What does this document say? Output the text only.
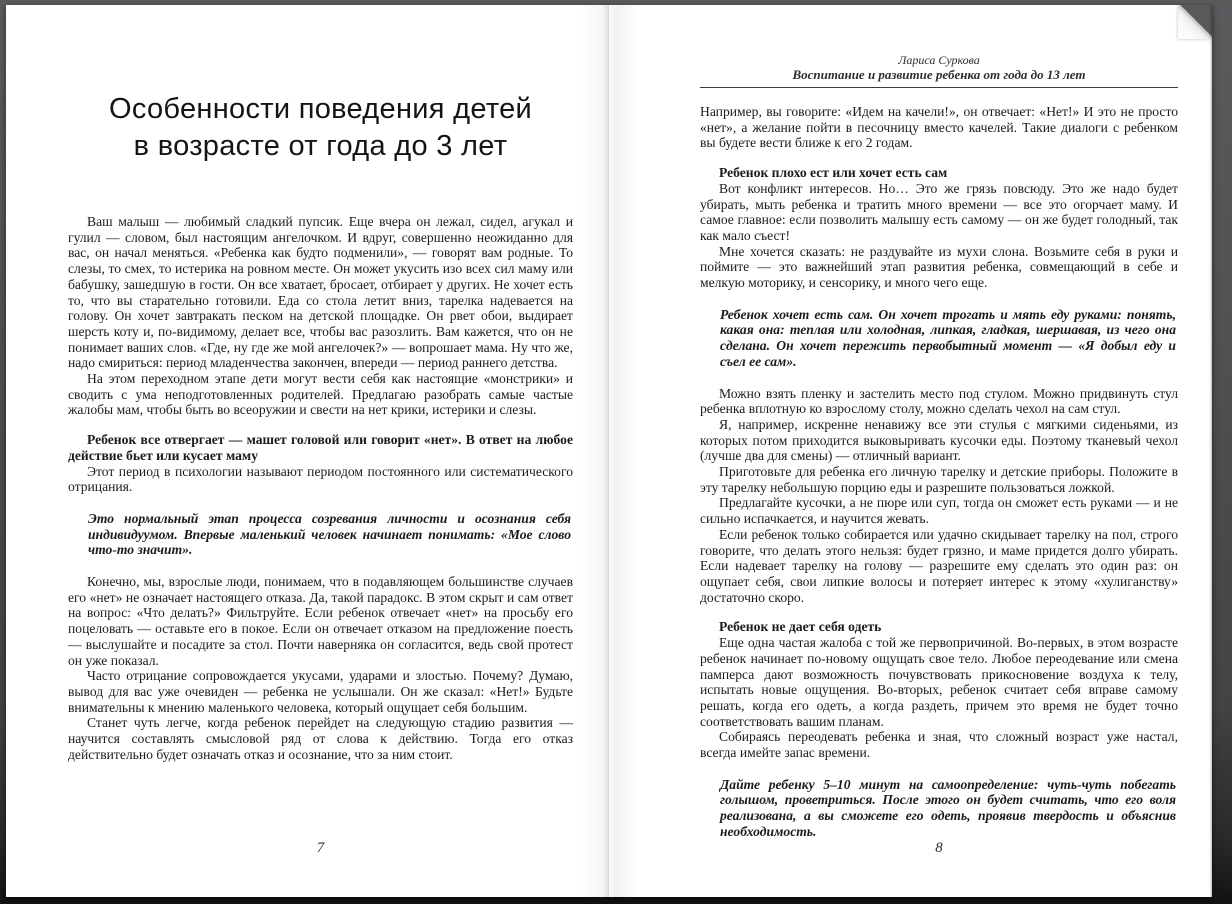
Особенности поведения детей
в возрасте от года до 3 лет

Ваш малыш — любимый сладкий пупсик. Еще вчера он лежал, сидел, агукал и гулил — словом, был настоящим ангелочком. И вдруг, совершенно неожиданно для вас, он начал меняться. «Ребенка как будто подменили», — говорят вам родные. То слезы, то смех, то истерика на ровном месте. Он может укусить изо всех сил маму или бабушку, зашедшую в гости. Он все хватает, бросает, отбирает у других. Не хочет есть то, что вы старательно готовили. Еда со стола летит вниз, тарелка надевается на голову. Он хочет завтракать песком на детской площадке. Он рвет обои, выдирает шерсть коту и, по-видимому, делает все, чтобы вас разозлить. Вам кажется, что он не понимает ваших слов. «Где, ну где же мой ангелочек?» — вопрошает мама. Ну что же, надо смириться: период младенчества закончен, впереди — период раннего детства.

На этом переходном этапе дети могут вести себя как настоящие «монстрики» и сводить с ума неподготовленных родителей. Предлагаю разобрать самые частые жалобы мам, чтобы быть во всеоружии и свести на нет крики, истерики и слезы.

Ребенок все отвергает — машет головой или говорит «нет». В ответ на любое действие бьет или кусает маму

Этот период в психологии называют периодом постоянного или систематического отрицания.

Это нормальный этап процесса созревания личности и осознания себя индивидуумом. Впервые маленький человек начинает понимать: «Мое слово что-то значит».

Конечно, мы, взрослые люди, понимаем, что в подавляющем большинстве случаев его «нет» не означает настоящего отказа. Да, такой парадокс. В этом скрыт и сам ответ на вопрос: «Что делать?» Фильтруйте. Если ребенок отвечает «нет» на просьбу его поцеловать — оставьте его в покое. Если он отвечает отказом на предложение поесть — выслушайте и посадите за стол. Почти наверняка он согласится, ведь свой протест он уже показал.

Часто отрицание сопровождается укусами, ударами и злостью. Почему? Думаю, вывод для вас уже очевиден — ребенка не услышали. Он же сказал: «Нет!» Будьте внимательны к мнению маленького человека, который ощущает себя большим.

Станет чуть легче, когда ребенок перейдет на следующую стадию развития — научится составлять смысловой ряд от слова к действию. Тогда его отказ действительно будет означать отказ и осознание, что за ним стоит.

7
Лариса Суркова
Воспитание и развитие ребенка от года до 13 лет

Например, вы говорите: «Идем на качели!», он отвечает: «Нет!» И это не просто «нет», а желание пойти в песочницу вместо качелей. Такие диалоги с ребенком вы будете вести ближе к его 2 годам.

Ребенок плохо ест или хочет есть сам

Вот конфликт интересов. Но… Это же грязь повсюду. Это же надо будет убирать, мыть ребенка и тратить много времени — все это огорчает маму. И самое главное: если позволить малышу есть самому — он же будет голодный, так как мало съест!

Мне хочется сказать: не раздувайте из мухи слона. Возьмите себя в руки и поймите — это важнейший этап развития ребенка, совмещающий в себе и мелкую моторику, и сенсорику, и много чего еще.

Ребенок хочет есть сам. Он хочет трогать и мять еду руками: понять, какая она: теплая или холодная, липкая, гладкая, шершавая, из чего она сделана. Он хочет пережить первобытный момент — «Я добыл еду и съел ее сам».

Можно взять пленку и застелить место под стулом. Можно придвинуть стул ребенка вплотную ко взрослому столу, можно сделать чехол на сам стул.

Я, например, искренне ненавижу все эти стулья с мягкими сиденьями, из которых потом приходится выковыривать кусочки еды. Поэтому тканевый чехол (лучше два для смены) — отличный вариант.

Приготовьте для ребенка его личную тарелку и детские приборы. Положите в эту тарелку небольшую порцию еды и разрешите пользоваться ложкой.

Предлагайте кусочки, а не пюре или суп, тогда он сможет есть руками — и не сильно испачкается, и научится жевать.

Если ребенок только собирается или удачно скидывает тарелку на пол, строго говорите, что делать этого нельзя: будет грязно, и маме придется долго убирать. Если надевает тарелку на голову — разрешите ему сделать это один раз: он ощупает себя, свои липкие волосы и потеряет интерес к этому «хулиганству» достаточно скоро.

Ребенок не дает себя одеть

Еще одна частая жалоба с той же первопричиной. Во-первых, в этом возрасте ребенок начинает по-новому ощущать свое тело. Любое переодевание или смена памперса дают возможность почувствовать прикосновение воздуха к телу, испытать новые ощущения. Во-вторых, ребенок считает себя вправе самому решать, когда его одеть, а когда раздеть, причем это время не будет точно соответствовать вашим планам.

Собираясь переодевать ребенка и зная, что сложный возраст уже настал, всегда имейте запас времени.

Дайте ребенку 5–10 минут на самоопределение: чуть-чуть побегать голышом, проветриться. После этого он будет считать, что его воля реализована, а вы сможете его одеть, проявив твердость и объяснив необходимость.

8
